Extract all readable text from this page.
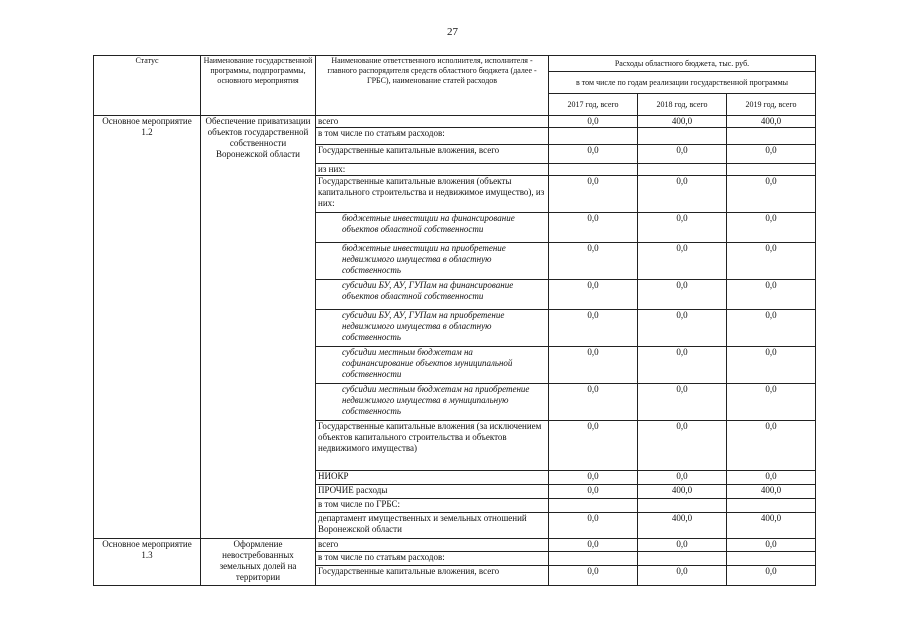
27
Статус	Наименование государственной программы, подпрограммы, основного мероприятия	Наименование ответственного исполнителя, исполнителя - главного распорядителя средств областного бюджета (далее - ГРБС), наименование статей расходов	Расходы областного бюджета, тыс. руб.		
			в том числе по годам реализации государственной программы		
			2017 год, всего	2018 год, всего	2019 год, всего
Основное мероприятие 1.2	Обеспечение приватизации объектов государственной собственности Воронежской области	всего	0,0	400,0	400,0
		в том числе по статьям расходов:			
		Государственные капитальные вложения, всего	0,0	0,0	0,0
		из них:			
		Государственные капитальные вложения (объекты капитального строительства и недвижимое имущество), из них:	0,0	0,0	0,0
		бюджетные инвестиции на финансирование объектов областной собственности	0,0	0,0	0,0
		бюджетные инвестиции на приобретение недвижимого имущества в областную собственность	0,0	0,0	0,0
		субсидии БУ, АУ, ГУПам на финансирование объектов областной собственности	0,0	0,0	0,0
		субсидии БУ, АУ, ГУПам на приобретение недвижимого имущества в областную собственность	0,0	0,0	0,0
		субсидии местным бюджетам на софинансирование объектов муниципальной собственности	0,0	0,0	0,0
		субсидии местным бюджетам на приобретение недвижимого имущества в муниципальную собственность	0,0	0,0	0,0
		Государственные капитальные вложения (за исключением объектов капитального строительства и объектов недвижимого имущества)	0,0	0,0	0,0
		НИОКР	0,0	0,0	0,0
		ПРОЧИЕ расходы	0,0	400,0	400,0
		в том числе по ГРБС:			
		департамент имущественных и земельных отношений Воронежской области	0,0	400,0	400,0
Основное мероприятие 1.3	Оформление невостребованных земельных долей на территории	всего	0,0	0,0	0,0
		в том числе по статьям расходов:			
		Государственные капитальные вложения, всего	0,0	0,0	0,0
